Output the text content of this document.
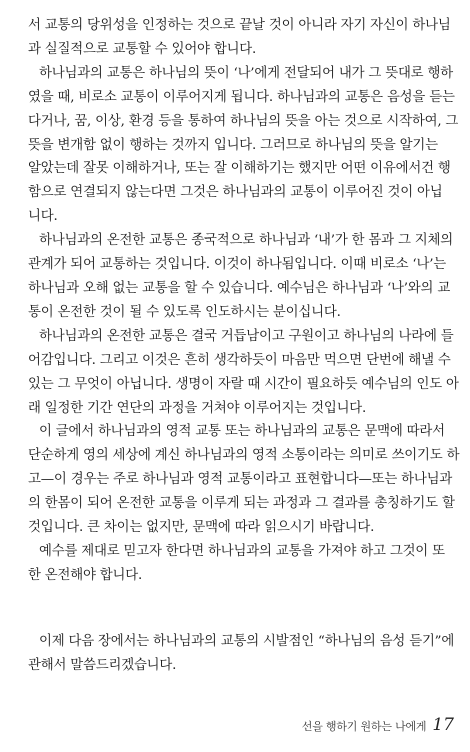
서 교통의 당위성을 인정하는 것으로 끝날 것이 아니라 자기 자신이 하나님
과 실질적으로 교통할 수 있어야 합니다.

하나님과의 교통은 하나님의 뜻이 ‘나’에게 전달되어 내가 그 뜻대로 행하
였을 때, 비로소 교통이 이루어지게 됩니다. 하나님과의 교통은 음성을 듣는
다거나, 꿈, 이상, 환경 등을 통하여 하나님의 뜻을 아는 것으로 시작하여, 그
뜻을 변개함 없이 행하는 것까지 입니다. 그러므로 하나님의 뜻을 알기는
알았는데 잘못 이해하거나, 또는 잘 이해하기는 했지만 어떤 이유에서건 행
함으로 연결되지 않는다면 그것은 하나님과의 교통이 이루어진 것이 아닙
니다.

하나님과의 온전한 교통은 종국적으로 하나님과 ‘내’가 한 몸과 그 지체의
관계가 되어 교통하는 것입니다. 이것이 하나됨입니다. 이때 비로소 ‘나’는
하나님과 오해 없는 교통을 할 수 있습니다. 예수님은 하나님과 ‘나’와의 교
통이 온전한 것이 될 수 있도록 인도하시는 분이십니다.

하나님과의 온전한 교통은 결국 거듭남이고 구원이고 하나님의 나라에 들
어감입니다. 그리고 이것은 흔히 생각하듯이 마음만 먹으면 단번에 해낼 수
있는 그 무엇이 아닙니다. 생명이 자랄 때 시간이 필요하듯 예수님의 인도 아
래 일정한 기간 연단의 과정을 거쳐야 이루어지는 것입니다.

이 글에서 하나님과의 영적 교통 또는 하나님과의 교통은 문맥에 따라서
단순하게 영의 세상에 계신 하나님과의 영적 소통이라는 의미로 쓰이기도 하
고—이 경우는 주로 하나님과 영적 교통이라고 표현합니다—또는 하나님과
의 한몸이 되어 온전한 교통을 이루게 되는 과정과 그 결과를 총칭하기도 할
것입니다. 큰 차이는 없지만, 문맥에 따라 읽으시기 바랍니다.

예수를 제대로 믿고자 한다면 하나님과의 교통을 가져야 하고 그것이 또
한 온전해야 합니다.

이제 다음 장에서는 하나님과의 교통의 시발점인 “하나님의 음성 듣기”에
관해서 말씀드리겠습니다.
선을 행하기 원하는 나에게 17
